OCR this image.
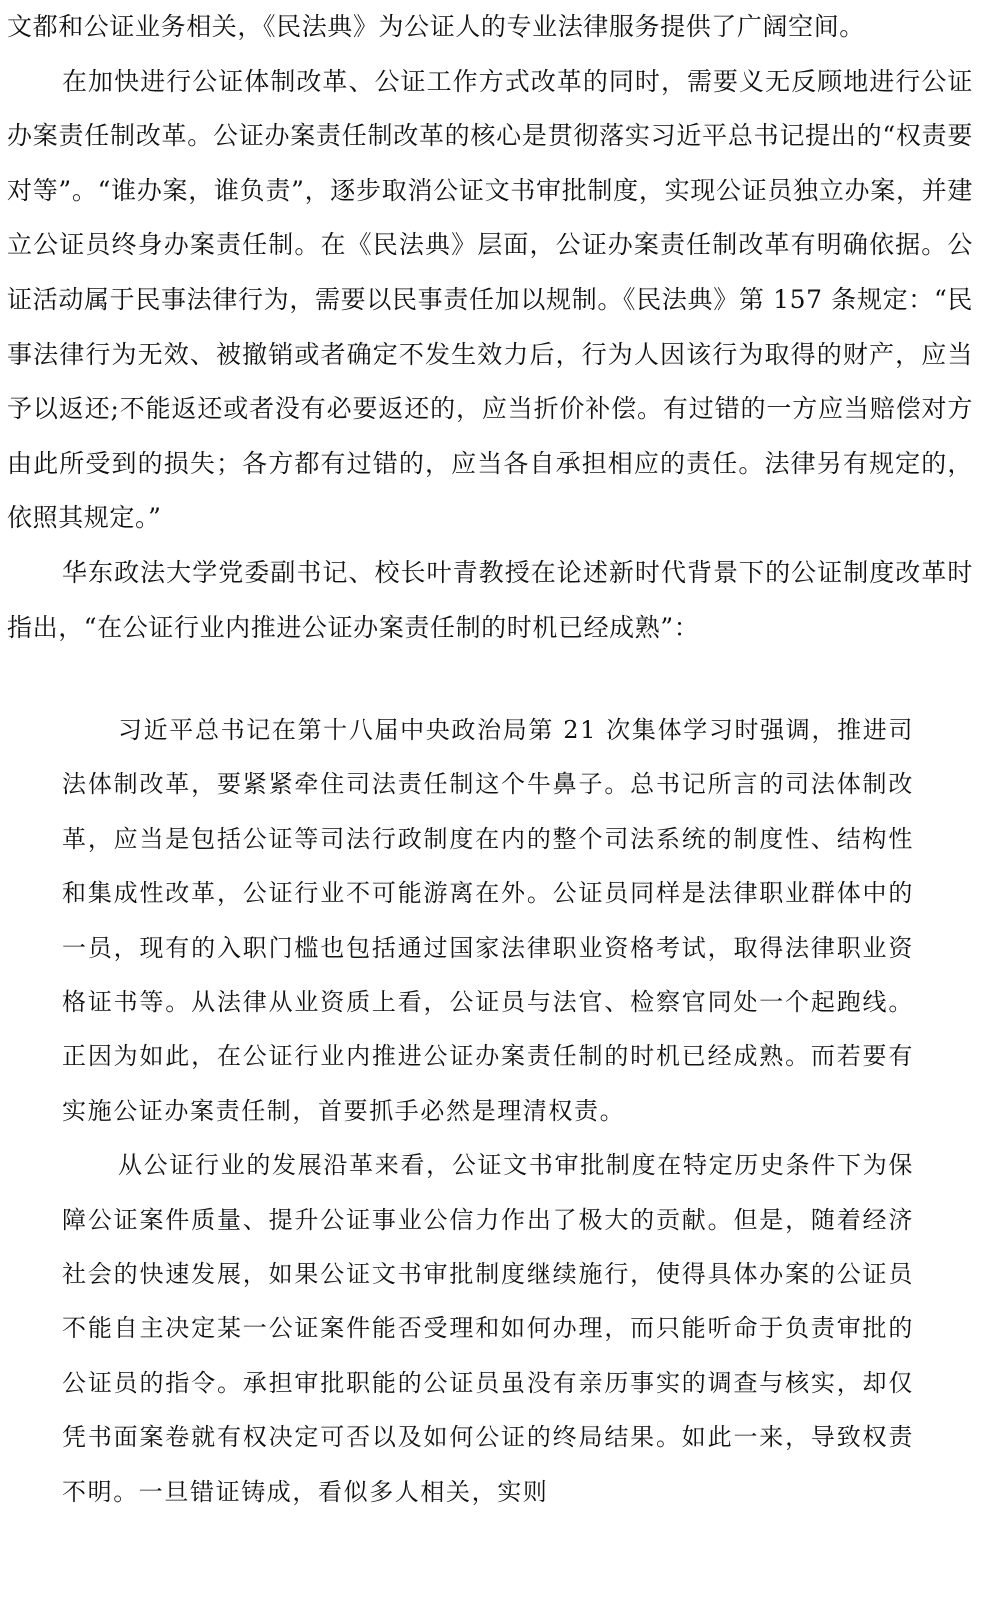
文都和公证业务相关，《民法典》为公证人的专业法律服务提供了广阔空间。

在加快进行公证体制改革、公证工作方式改革的同时，需要义无反顾地进行公证办案责任制改革。公证办案责任制改革的核心是贯彻落实习近平总书记提出的“权责要对等”。“谁办案，谁负责”，逐步取消公证文书审批制度，实现公证员独立办案，并建立公证员终身办案责任制。在《民法典》层面，公证办案责任制改革有明确依据。公证活动属于民事法律行为，需要以民事责任加以规制。《民法典》第 157 条规定：“民事法律行为无效、被撤销或者确定不发生效力后，行为人因该行为取得的财产，应当予以返还;不能返还或者没有必要返还的，应当折价补偿。有过错的一方应当赔偿对方由此所受到的损失；各方都有过错的，应当各自承担相应的责任。法律另有规定的，依照其规定。”

华东政法大学党委副书记、校长叶青教授在论述新时代背景下的公证制度改革时指出，“在公证行业内推进公证办案责任制的时机已经成熟”：

习近平总书记在第十八届中央政治局第 21 次集体学习时强调，推进司法体制改革，要紧紧牵住司法责任制这个牛鼻子。总书记所言的司法体制改革，应当是包括公证等司法行政制度在内的整个司法系统的制度性、结构性和集成性改革，公证行业不可能游离在外。公证员同样是法律职业群体中的一员，现有的入职门槛也包括通过国家法律职业资格考试，取得法律职业资格证书等。从法律从业资质上看，公证员与法官、检察官同处一个起跑线。正因为如此，在公证行业内推进公证办案责任制的时机已经成熟。而若要有实施公证办案责任制，首要抓手必然是理清权责。

从公证行业的发展沿革来看，公证文书审批制度在特定历史条件下为保障公证案件质量、提升公证事业公信力作出了极大的贡献。但是，随着经济社会的快速发展，如果公证文书审批制度继续施行，使得具体办案的公证员不能自主决定某一公证案件能否受理和如何办理，而只能听命于负责审批的公证员的指令。承担审批职能的公证员虽没有亲历事实的调查与核实，却仅凭书面案卷就有权决定可否以及如何公证的终局结果。如此一来，导致权责不明。一旦错证铸成，看似多人相关，实则
